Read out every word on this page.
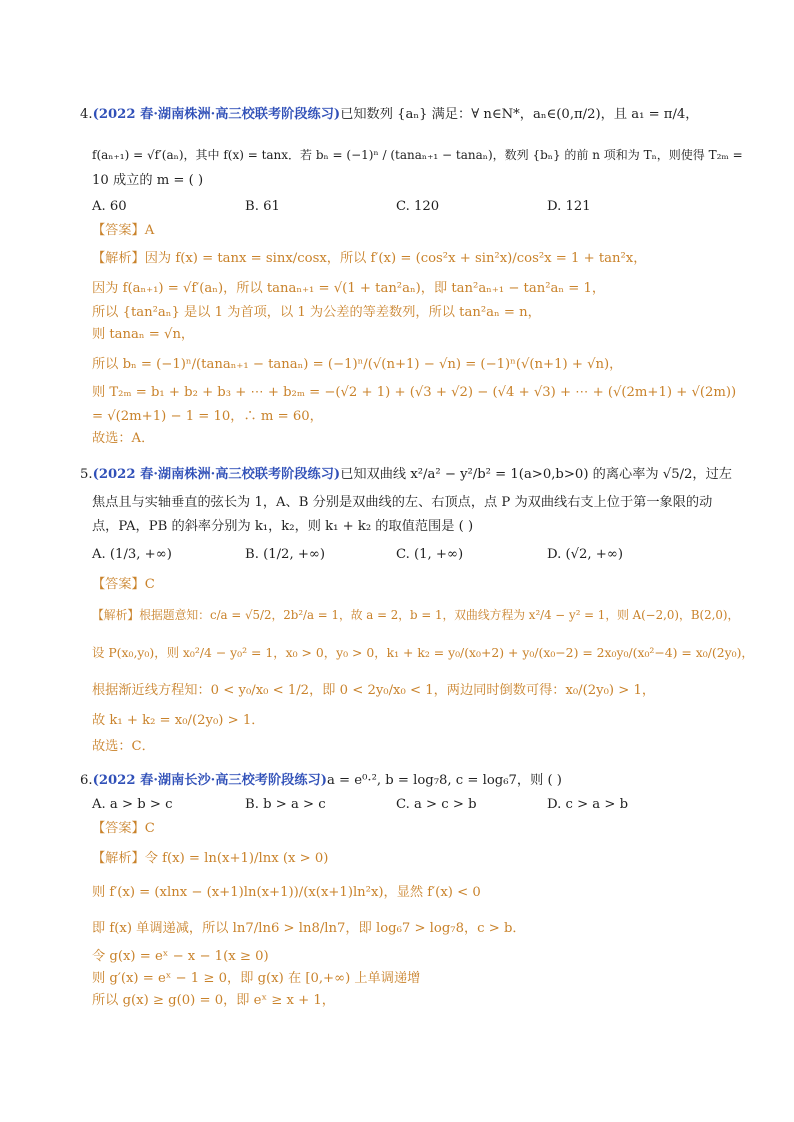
4.(2022 春·湖南株洲·高三校联考阶段练习)已知数列 {aₙ} 满足：∀ n∈N*，aₙ∈(0,π/2)，且 a₁ = π/4，
f(aₙ₊₁) = √f′(aₙ)，其中 f(x) = tanx．若 bₙ = (−1)ⁿ / (tanaₙ₊₁ − tanaₙ)，数列 {bₙ} 的前 n 项和为 Tₙ，则使得 T₂ₘ =
10 成立的 m = ( )
A. 60	B. 61	C. 120	D. 121
【答案】A
【解析】因为 f(x) = tanx = sinx/cosx，所以 f′(x) = (cos²x + sin²x)/cos²x = 1 + tan²x，
因为 f(aₙ₊₁) = √f′(aₙ)，所以 tanaₙ₊₁ = √(1 + tan²aₙ)，即 tan²aₙ₊₁ − tan²aₙ = 1，
所以 {tan²aₙ} 是以 1 为首项，以 1 为公差的等差数列，所以 tan²aₙ = n，
则 tanaₙ = √n，
所以 bₙ = (−1)ⁿ/(tanaₙ₊₁ − tanaₙ) = (−1)ⁿ/(√(n+1) − √n) = (−1)ⁿ(√(n+1) + √n)，
则 T₂ₘ = b₁ + b₂ + b₃ + ⋯ + b₂ₘ = −(√2 + 1) + (√3 + √2) − (√4 + √3) + ⋯ + (√(2m+1) + √(2m))
= √(2m+1) − 1 = 10，∴ m = 60，
故选：A．
5.(2022 春·湖南株洲·高三校联考阶段练习)已知双曲线 x²/a² − y²/b² = 1(a>0,b>0) 的离心率为 √5/2，过左
焦点且与实轴垂直的弦长为 1，A、B 分别是双曲线的左、右顶点，点 P 为双曲线右支上位于第一象限的动
点，PA，PB 的斜率分别为 k₁，k₂，则 k₁ + k₂ 的取值范围是 ( )
A. (1/3, +∞)	B. (1/2, +∞)	C. (1, +∞)	D. (√2, +∞)
【答案】C
【解析】根据题意知：c/a = √5/2，2b²/a = 1，故 a = 2，b = 1，双曲线方程为 x²/4 − y² = 1，则 A(−2,0)，B(2,0)，
设 P(x₀,y₀)，则 x₀²/4 − y₀² = 1，x₀ > 0，y₀ > 0，k₁ + k₂ = y₀/(x₀+2) + y₀/(x₀−2) = 2x₀y₀/(x₀²−4) = x₀/(2y₀)，
根据渐近线方程知：0 < y₀/x₀ < 1/2，即 0 < 2y₀/x₀ < 1，两边同时倒数可得：x₀/(2y₀) > 1，
故 k₁ + k₂ = x₀/(2y₀) > 1．
故选：C．
6.(2022 春·湖南长沙·高三校考阶段练习)a = e⁰·², b = log₇8, c = log₆7，则 ( )
A. a > b > c	B. b > a > c	C. a > c > b	D. c > a > b
【答案】C
【解析】令 f(x) = ln(x+1)/lnx (x > 0)
则 f′(x) = (xlnx − (x+1)ln(x+1))/(x(x+1)ln²x)，显然 f′(x) < 0
即 f(x) 单调递减，所以 ln7/ln6 > ln8/ln7，即 log₆7 > log₇8，c > b．
令 g(x) = eˣ − x − 1(x ≥ 0)
则 g′(x) = eˣ − 1 ≥ 0，即 g(x) 在 [0,+∞) 上单调递增
所以 g(x) ≥ g(0) = 0，即 eˣ ≥ x + 1，
